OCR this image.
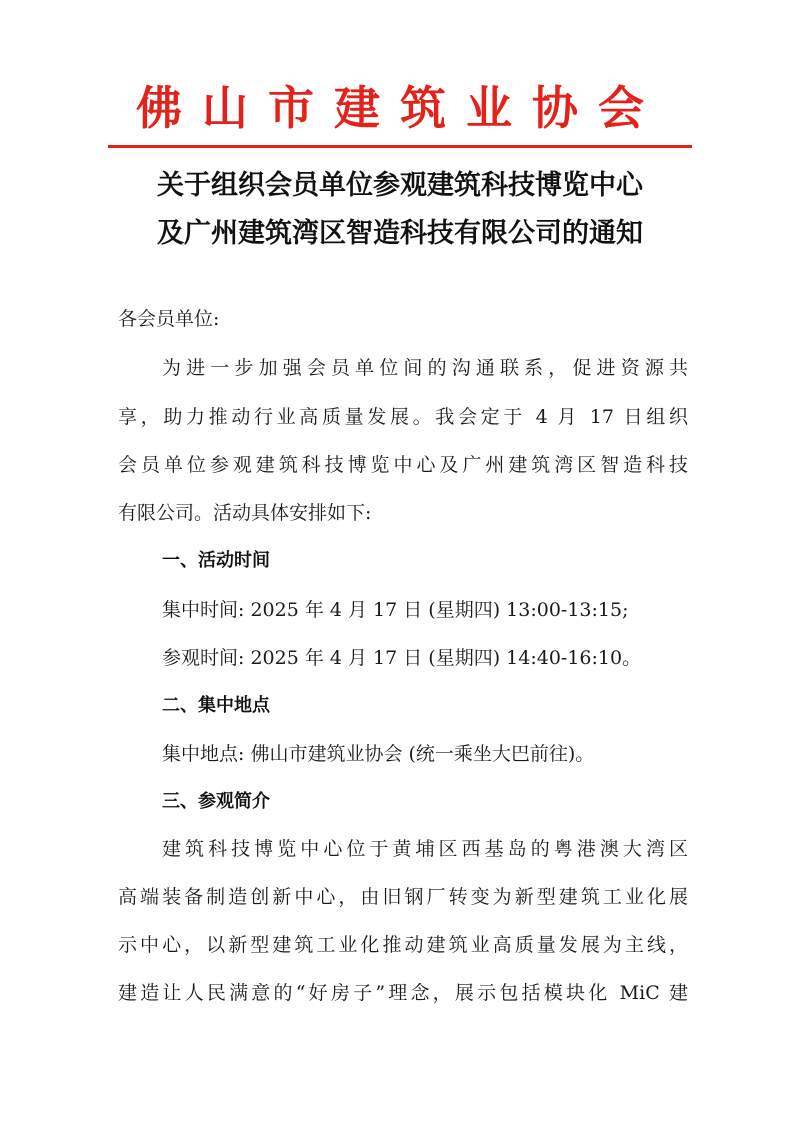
佛山市建筑业协会
关于组织会员单位参观建筑科技博览中心
及广州建筑湾区智造科技有限公司的通知
各会员单位:
为进一步加强会员单位间的沟通联系，促进资源共
享，助力推动行业高质量发展。我会定于 4 月 17 日组织
会员单位参观建筑科技博览中心及广州建筑湾区智造科技
有限公司。活动具体安排如下:
一、活动时间
集中时间: 2025 年 4 月 17 日 (星期四) 13:00-13:15;
参观时间: 2025 年 4 月 17 日 (星期四) 14:40-16:10。
二、集中地点
集中地点: 佛山市建筑业协会 (统一乘坐大巴前往)。
三、参观简介
建筑科技博览中心位于黄埔区西基岛的粤港澳大湾区
高端装备制造创新中心，由旧钢厂转变为新型建筑工业化展
示中心，以新型建筑工业化推动建筑业高质量发展为主线，
建造让人民满意的“好房子”理念，展示包括模块化 MiC 建
